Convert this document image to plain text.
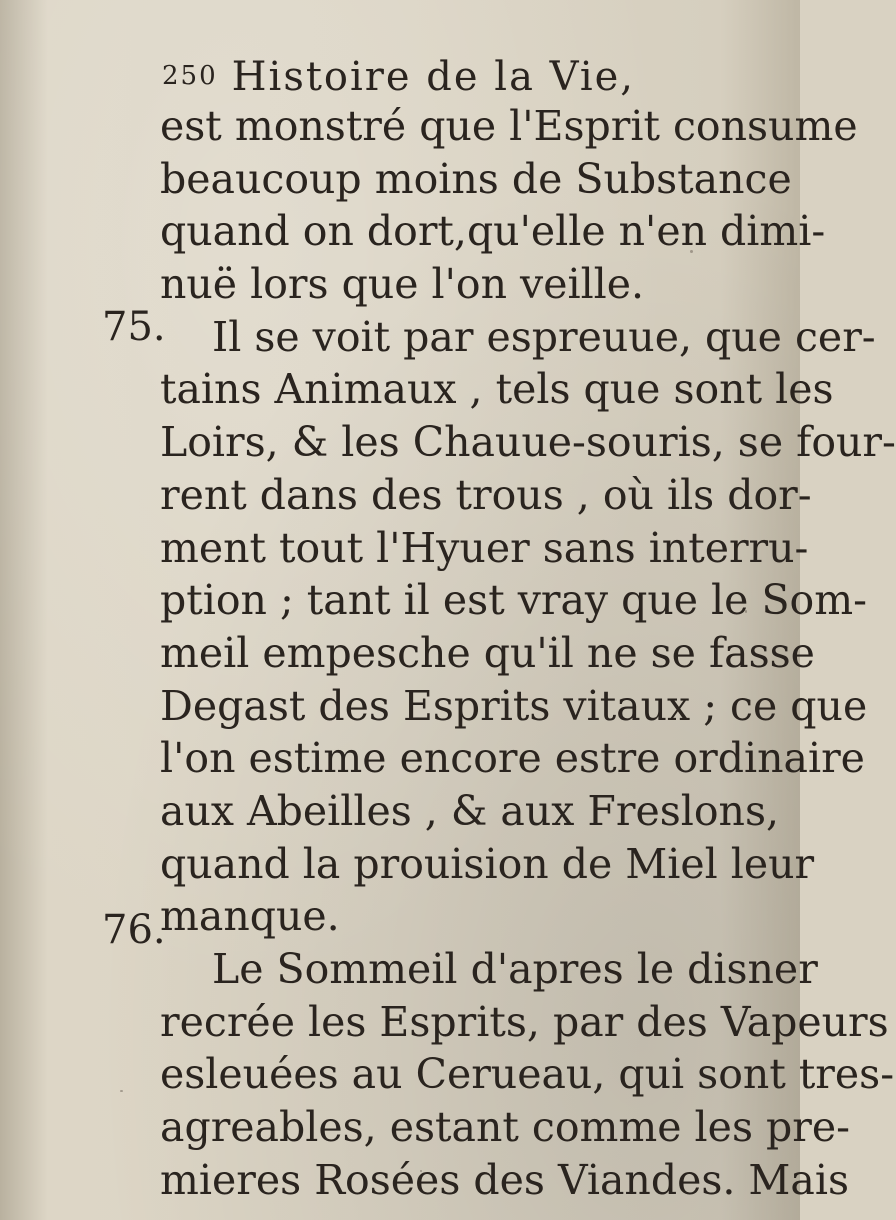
250 Histoire de la Vie,
75.
76.
est monstré que l'Esprit consume
beaucoup moins de Substance
quand on dort,qu'elle n'en dimi-
nuë lors que l'on veille.
Il se voit par espreuue, que cer-
tains Animaux , tels que sont les
Loirs, & les Chauue-souris, se four-
rent dans des trous , où ils dor-
ment tout l'Hyuer sans interru-
ption ; tant il est vray que le Som-
meil empesche qu'il ne se fasse
Degast des Esprits vitaux ; ce que
l'on estime encore estre ordinaire
aux Abeilles , & aux Freslons,
quand la prouision de Miel leur
manque.
Le Sommeil d'apres le disner
recrée les Esprits, par des Vapeurs
esleuées au Cerueau, qui sont tres-
agreables, estant comme les pre-
mieres Rosées des Viandes. Mais
